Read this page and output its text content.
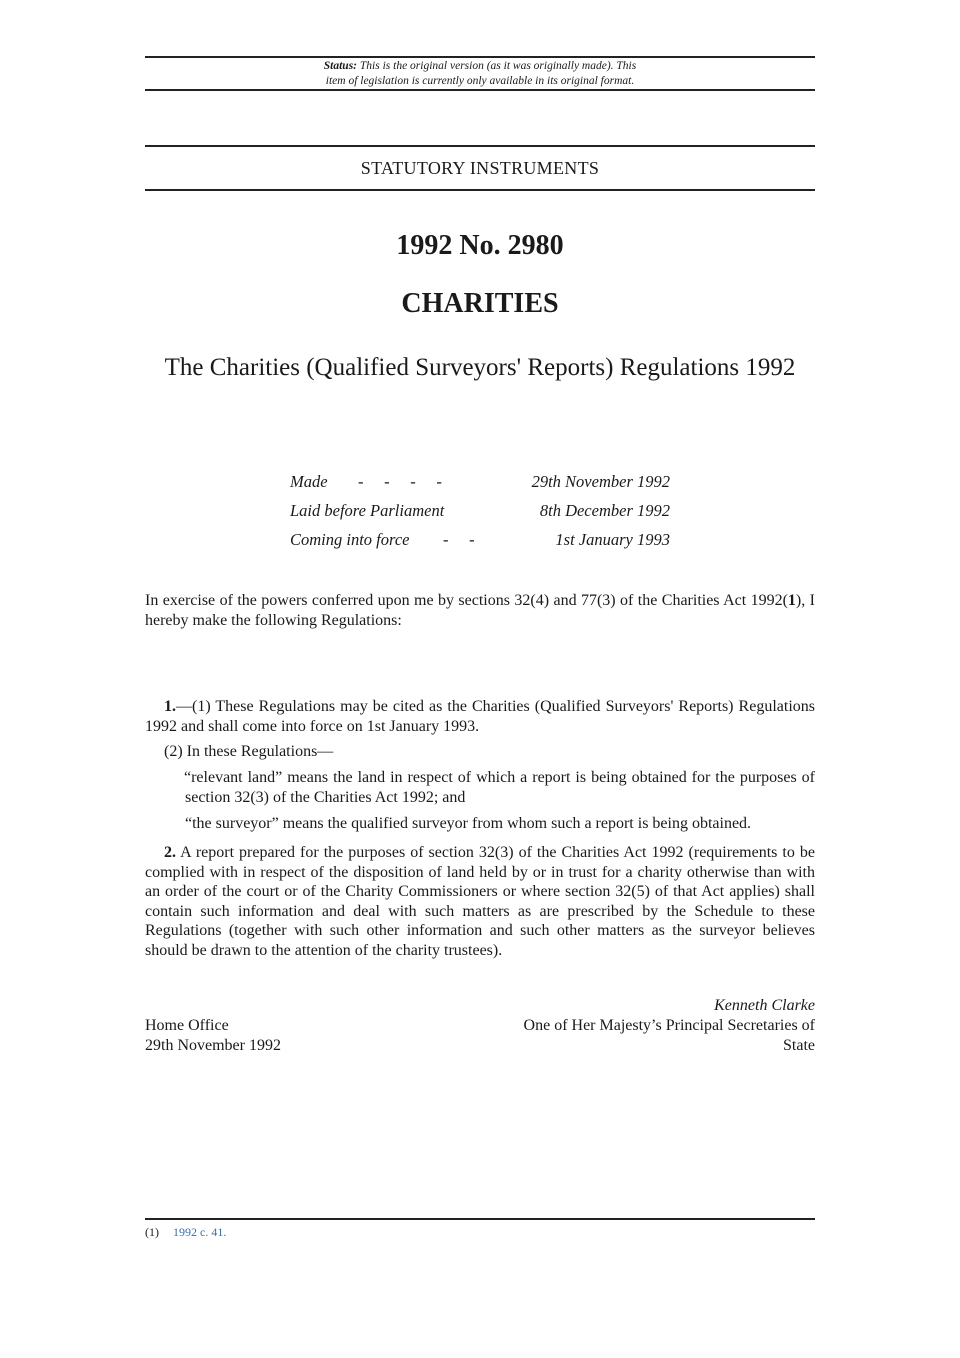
Status: This is the original version (as it was originally made). This
item of legislation is currently only available in its original format.
STATUTORY INSTRUMENTS
1992 No. 2980
CHARITIES
The Charities (Qualified Surveyors' Reports) Regulations 1992
Made -     -     -     -	29th November 1992
Laid before Parliament	8th December 1992
Coming into force -     -	1st January 1993
In exercise of the powers conferred upon me by sections 32(4) and 77(3) of the Charities Act 1992(1), I hereby make the following Regulations:
1.—(1) These Regulations may be cited as the Charities (Qualified Surveyors' Reports) Regulations 1992 and shall come into force on 1st January 1993.
(2) In these Regulations—
“relevant land” means the land in respect of which a report is being obtained for the purposes of section 32(3) of the Charities Act 1992; and
“the surveyor” means the qualified surveyor from whom such a report is being obtained.
2. A report prepared for the purposes of section 32(3) of the Charities Act 1992 (requirements to be complied with in respect of the disposition of land held by or in trust for a charity otherwise than with an order of the court or of the Charity Commissioners or where section 32(5) of that Act applies) shall contain such information and deal with such matters as are prescribed by the Schedule to these Regulations (together with such other information and such other matters as the surveyor believes should be drawn to the attention of the charity trustees).
Home Office
29th November 1992
Kenneth Clarke
One of Her Majesty’s Principal Secretaries of
State
(1) 1992 c. 41.
